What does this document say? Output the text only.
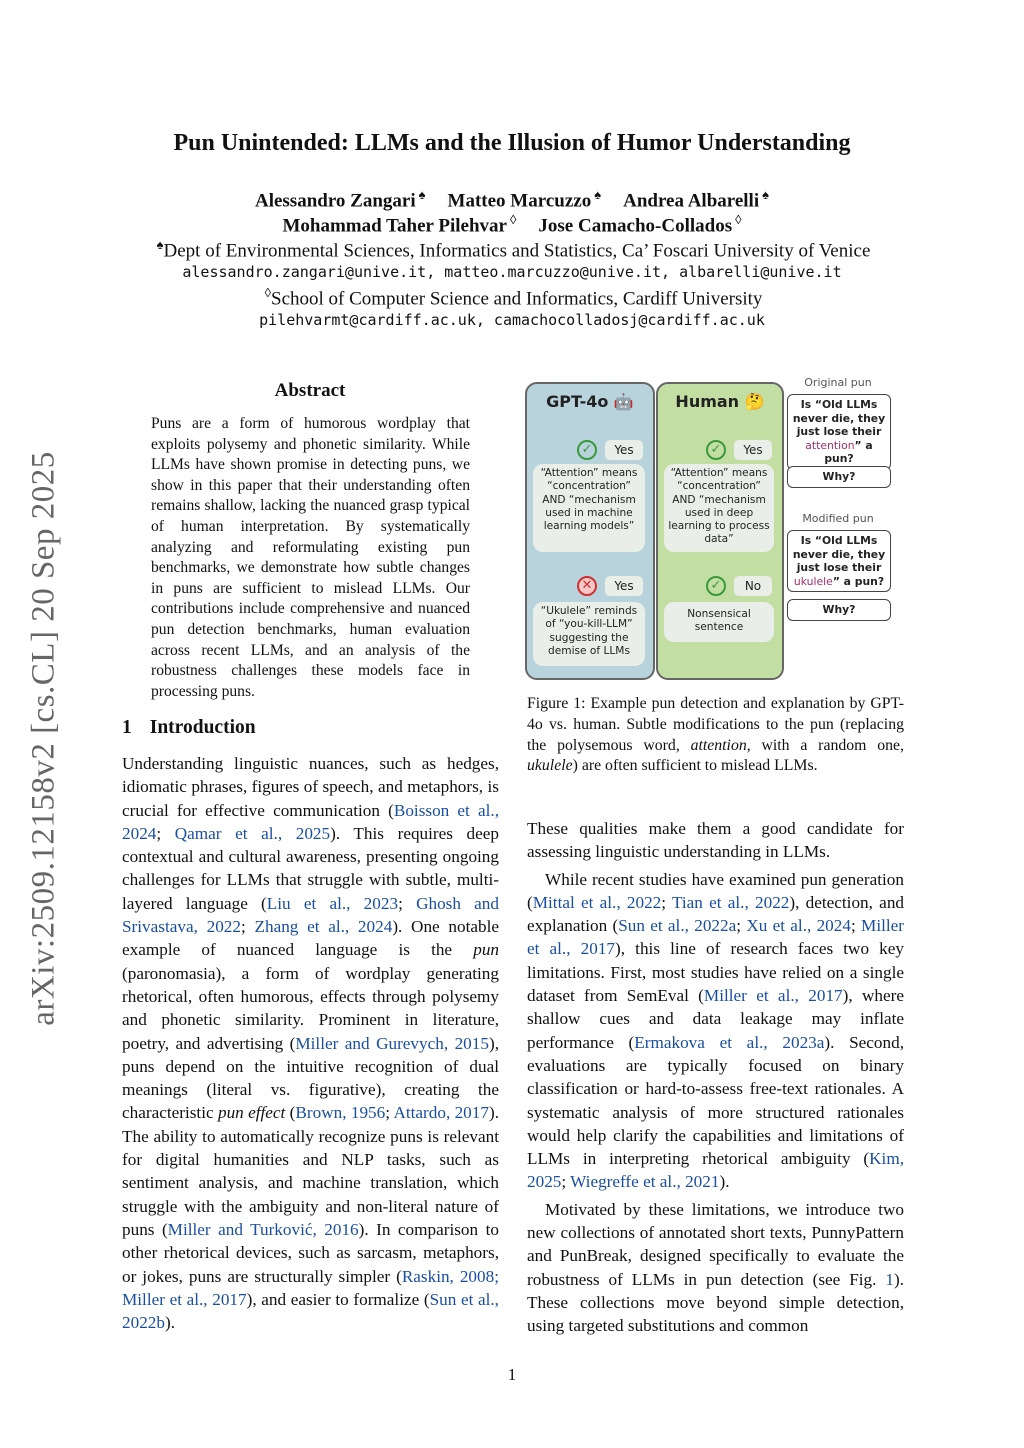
Pun Unintended: LLMs and the Illusion of Humor Understanding
Alessandro Zangari ♠ Matteo Marcuzzo ♠ Andrea Albarelli ♠
Mohammad Taher Pilehvar ◊ Jose Camacho-Collados ◊
♠Dept of Environmental Sciences, Informatics and Statistics, Ca’ Foscari University of Venice
alessandro.zangari@unive.it, matteo.marcuzzo@unive.it, albarelli@unive.it
◊School of Computer Science and Informatics, Cardiff University
pilehvarmt@cardiff.ac.uk, camachocolladosj@cardiff.ac.uk
arXiv:2509.12158v2 [cs.CL] 20 Sep 2025
Abstract
Puns are a form of humorous wordplay that exploits polysemy and phonetic similarity. While LLMs have shown promise in detecting puns, we show in this paper that their understanding often remains shallow, lacking the nuanced grasp typical of human interpretation. By systematically analyzing and reformulating existing pun benchmarks, we demonstrate how subtle changes in puns are sufficient to mislead LLMs. Our contributions include comprehensive and nuanced pun detection benchmarks, human evaluation across recent LLMs, and an analysis of the robustness challenges these models face in processing puns.
1 Introduction

Understanding linguistic nuances, such as hedges, idiomatic phrases, figures of speech, and metaphors, is crucial for effective communication (Boisson et al., 2024; Qamar et al., 2025). This requires deep contextual and cultural awareness, presenting ongoing challenges for LLMs that struggle with subtle, multi-layered language (Liu et al., 2023; Ghosh and Srivastava, 2022; Zhang et al., 2024). One notable example of nuanced language is the pun (paronomasia), a form of wordplay generating rhetorical, often humorous, effects through polysemy and phonetic similarity. Prominent in literature, poetry, and advertising (Miller and Gurevych, 2015), puns depend on the intuitive recognition of dual meanings (literal vs. figurative), creating the characteristic pun effect (Brown, 1956; Attardo, 2017). The ability to automatically recognize puns is relevant for digital humanities and NLP tasks, such as sentiment analysis, and machine translation, which struggle with the ambiguity and non-literal nature of puns (Miller and Turković, 2016). In comparison to other rhetorical devices, such as sarcasm, metaphors, or jokes, puns are structurally simpler (Raskin, 2008; Miller et al., 2017), and easier to formalize (Sun et al., 2022b).

GPT-4o 🤖
✓	Yes
“Attention” means “concentration” AND “mechanism used in machine learning models”
✕	Yes
“Ukulele” reminds of “you-kill-LLM” suggesting the demise of LLMs
Human 🤔
✓	Yes
“Attention” means “concentration” AND “mechanism used in deep learning to process data”
✓	No
Nonsensical sentence
Original pun
Is “Old LLMs never die, they just lose their attention” a pun?
Why?
Modified pun
Is “Old LLMs never die, they just lose their ukulele” a pun?
Why?
Figure 1: Example pun detection and explanation by GPT-4o vs. human. Subtle modifications to the pun (replacing the polysemous word, attention, with a random one, ukulele) are often sufficient to mislead LLMs.

These qualities make them a good candidate for assessing linguistic understanding in LLMs.

While recent studies have examined pun generation (Mittal et al., 2022; Tian et al., 2022), detection, and explanation (Sun et al., 2022a; Xu et al., 2024; Miller et al., 2017), this line of research faces two key limitations. First, most studies have relied on a single dataset from SemEval (Miller et al., 2017), where shallow cues and data leakage may inflate performance (Ermakova et al., 2023a). Second, evaluations are typically focused on binary classification or hard-to-assess free-text rationales. A systematic analysis of more structured rationales would help clarify the capabilities and limitations of LLMs in interpreting rhetorical ambiguity (Kim, 2025; Wiegreffe et al., 2021).

Motivated by these limitations, we introduce two new collections of annotated short texts, PunnyPattern and PunBreak, designed specifically to evaluate the robustness of LLMs in pun detection (see Fig. 1). These collections move beyond simple detection, using targeted substitutions and common

1
